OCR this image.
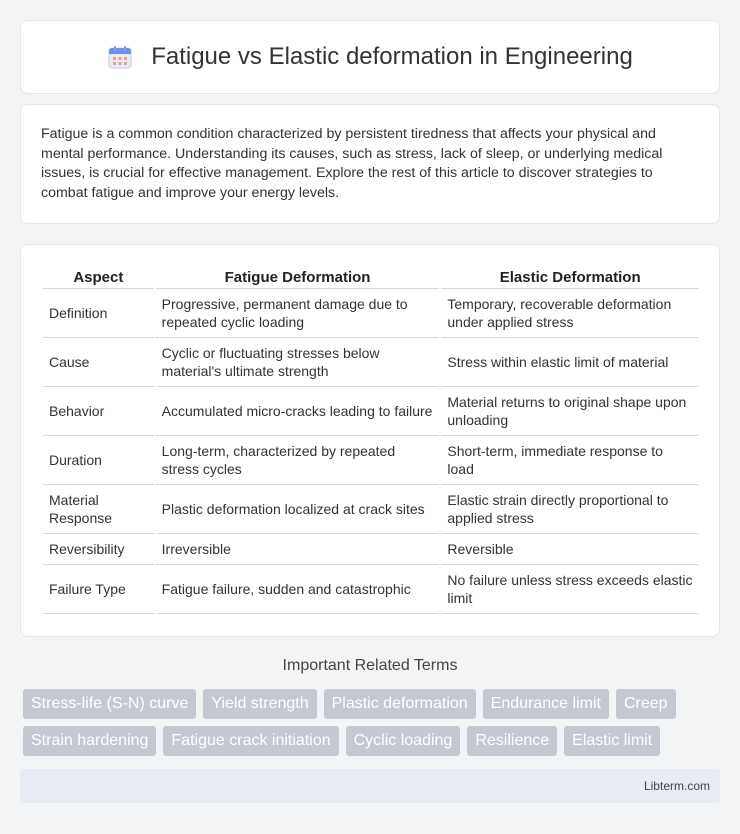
Fatigue vs Elastic deformation in Engineering

Fatigue is a common condition characterized by persistent tiredness that affects your physical and mental performance. Understanding its causes, such as stress, lack of sleep, or underlying medical issues, is crucial for effective management. Explore the rest of this article to discover strategies to combat fatigue and improve your energy levels.

Aspect		Fatigue Deformation		Elastic Deformation
Definition		Progressive, permanent damage due to repeated cyclic loading		Temporary, recoverable deformation under applied stress
Cause		Cyclic or fluctuating stresses below material's ultimate strength		Stress within elastic limit of material
Behavior		Accumulated micro-cracks leading to failure		Material returns to original shape upon unloading
Duration		Long-term, characterized by repeated stress cycles		Short-term, immediate response to load
Material Response		Plastic deformation localized at crack sites		Elastic strain directly proportional to applied stress
Reversibility		Irreversible		Reversible
Failure Type		Fatigue failure, sudden and catastrophic		No failure unless stress exceeds elastic limit
Important Related Terms
Stress-life (S-N) curve	Yield strength	Plastic deformation	Endurance limit	Creep
Strain hardening	Fatigue crack initiation	Cyclic loading	Resilience	Elastic limit
Libterm.com
